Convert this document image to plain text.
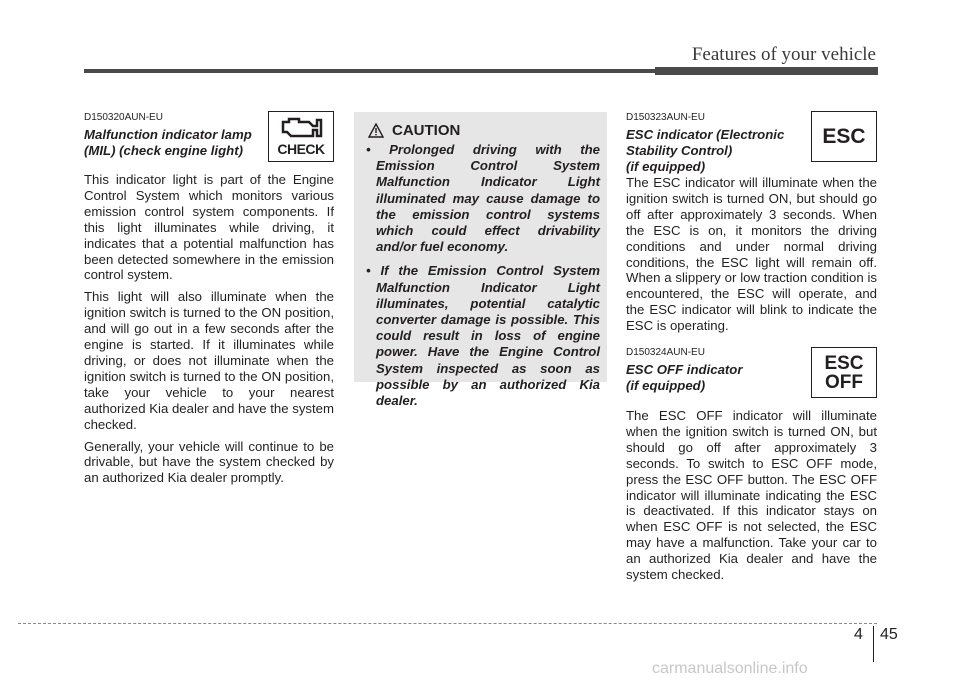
Features of your vehicle
D150320AUN-EU
Malfunction indicator lamp
(MIL) (check engine light)	CHECK

This indicator light is part of the Engine Control System which monitors various emission control system components. If this light illuminates while driving, it indicates that a potential malfunction has been detected somewhere in the emission control system.

This light will also illuminate when the ignition switch is turned to the ON position, and will go out in a few seconds after the engine is started. If it illuminates while driving, or does not illuminate when the ignition switch is turned to the ON position, take your vehicle to your nearest authorized Kia dealer and have the system checked.

Generally, your vehicle will continue to be drivable, but have the system checked by an authorized Kia dealer promptly.

CAUTION
• Prolonged driving with the Emission Control System Malfunction Indicator Light illuminated may cause damage to the emission control systems which could effect drivability and/or fuel economy.
• If the Emission Control System Malfunction Indicator Light illuminates, potential catalytic converter damage is possible. This could result in loss of engine power. Have the Engine Control System inspected as soon as possible by an authorized Kia dealer.
D150323AUN-EU
ESC indicator (Electronic
Stability Control)
(if equipped)
ESC
The ESC indicator will illuminate when the ignition switch is turned ON, but should go off after approximately 3 seconds. When the ESC is on, it monitors the driving conditions and under normal driving conditions, the ESC light will remain off. When a slippery or low traction condition is encountered, the ESC will operate, and the ESC indicator will blink to indicate the ESC is operating.
D150324AUN-EU
ESC OFF indicator
(if equipped)
ESC
OFF
The ESC OFF indicator will illuminate when the ignition switch is turned ON, but should go off after approximately 3 seconds. To switch to ESC OFF mode, press the ESC OFF button. The ESC OFF indicator will illuminate indicating the ESC is deactivated. If this indicator stays on when ESC OFF is not selected, the ESC may have a malfunction. Take your car to an authorized Kia dealer and have the system checked.
4 45
carmanualsonline.info
